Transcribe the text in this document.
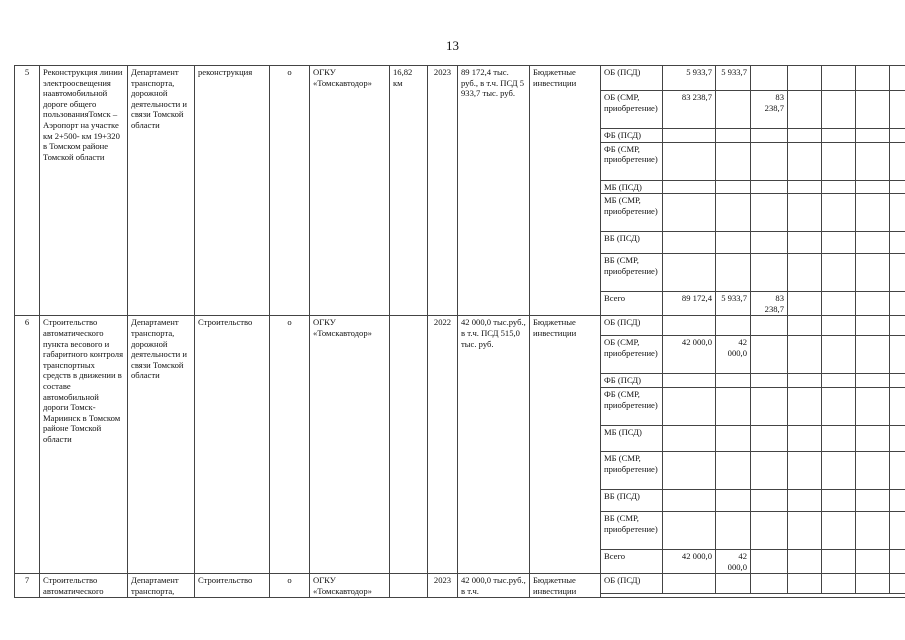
13
5	Реконструкция линии электроосвещения наавтомобильной дороге общего пользованияТомск – Аэропорт на участке км 2+500- км 19+320 в Томском районе Томской области	Департамент транспорта, дорожной деятельности и связи Томской области	реконструкция	о	ОГКУ «Томскавтодор»	16,82 км	2023	89 172,4 тыс. руб., в т.ч. ПСД 5 933,7 тыс. руб.	Бюджетные инвестиции	
ОБ (ПСД)	5 933,7	5 933,7					
ОБ (СМР, приобретение)	83 238,7		83 238,7				
ФБ (ПСД)							
ФБ (СМР, приобретение)							
МБ (ПСД)							
МБ (СМР, приобретение)							
ВБ (ПСД)							
ВБ (СМР, приобретение)							
Всего	89 172,4	5 933,7	83 238,7				

6	Строительство автоматического пункта весового и габаритного контроля транспортных средств в движении в составе автомобильной дороги Томск-Мариинск в Томском районе Томской области	Департамент транспорта, дорожной деятельности и связи Томской области	Строительство	о	ОГКУ «Томскавтодор»		2022	42 000,0 тыс.руб., в т.ч. ПСД 515,0 тыс. руб.	Бюджетные инвестиции	
ОБ (ПСД)							
ОБ (СМР, приобретение)	42 000,0	42 000,0					
ФБ (ПСД)							
ФБ (СМР, приобретение)							
МБ (ПСД)							
МБ (СМР, приобретение)							
ВБ (ПСД)							
ВБ (СМР, приобретение)							
Всего	42 000,0	42 000,0					

7	Строительство автоматического	Департамент транспорта,	Строительство	о	ОГКУ «Томскавтодор»		2023	42 000,0 тыс.руб., в т.ч.	Бюджетные инвестиции	
ОБ (ПСД)							
